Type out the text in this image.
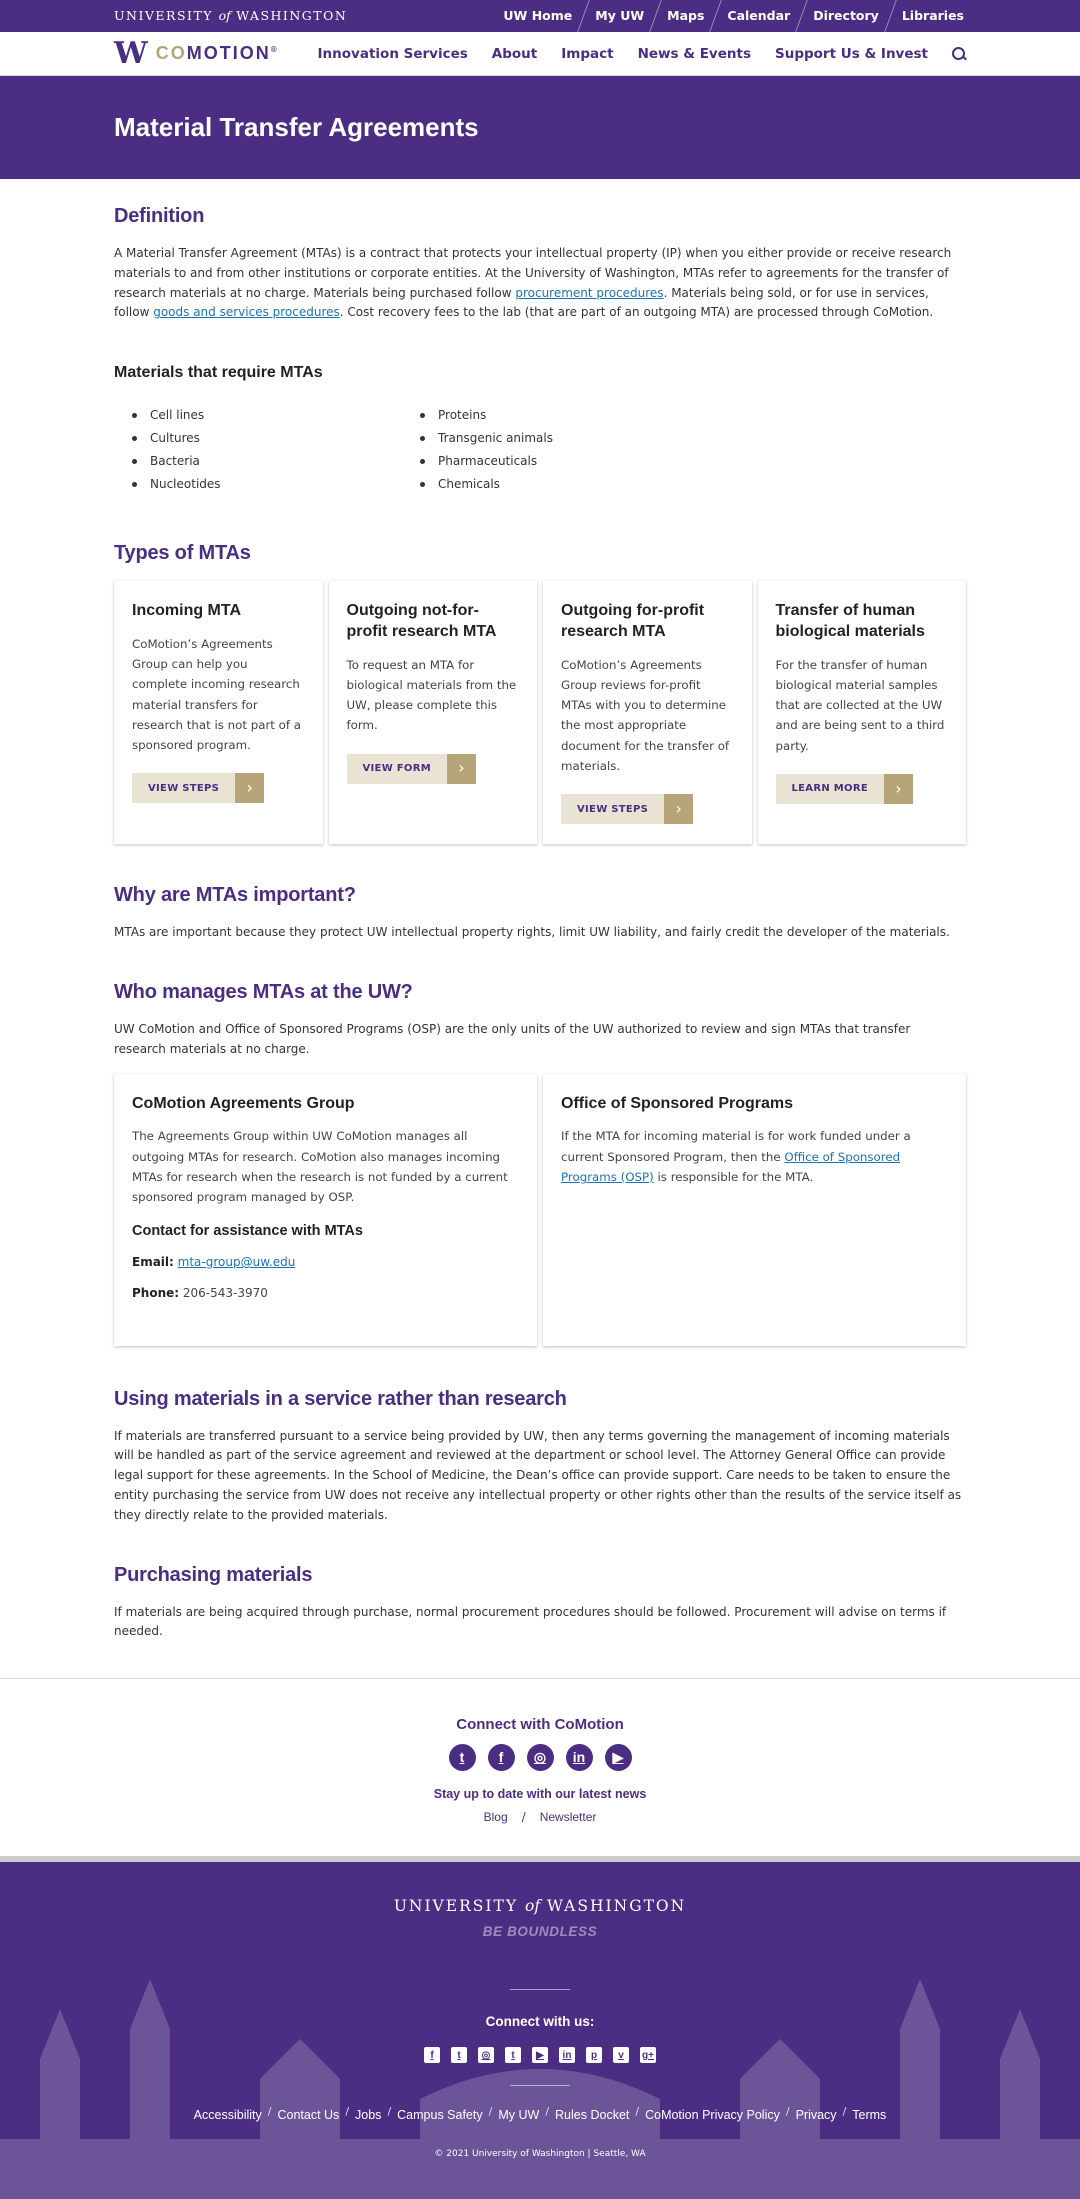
UNIVERSITY of WASHINGTON	UW Home	My UW	Maps	Calendar	Directory	Libraries
W COMOTION®	Innovation Services About Impact News & Events Support Us & Invest
Material Transfer Agreements
Definition

A Material Transfer Agreement (MTAs) is a contract that protects your intellectual property (IP) when you either provide or receive research materials to and from other institutions or corporate entities. At the University of Washington, MTAs refer to agreements for the transfer of research materials at no charge. Materials being purchased follow procurement procedures. Materials being sold, or for use in services, follow goods and services procedures. Cost recovery fees to the lab (that are part of an outgoing MTA) are processed through CoMotion.

Materials that require MTAs
Cell lines
Cultures
Bacteria
Nucleotides
Proteins
Transgenic animals
Pharmaceuticals
Chemicals
Types of MTAs
Incoming MTA

CoMotion’s Agreements Group can help you complete incoming research material transfers for research that is not part of a sponsored program.

VIEW STEPS	›
Outgoing not-for-profit research MTA

To request an MTA for biological materials from the UW, please complete this form.

VIEW FORM	›
Outgoing for-profit research MTA

CoMotion’s Agreements Group reviews for-profit MTAs with you to determine the most appropriate document for the transfer of materials.

VIEW STEPS	›
Transfer of human biological materials

For the transfer of human biological material samples that are collected at the UW and are being sent to a third party.

LEARN MORE	›
Why are MTAs important?

MTAs are important because they protect UW intellectual property rights, limit UW liability, and fairly credit the developer of the materials.

Who manages MTAs at the UW?

UW CoMotion and Office of Sponsored Programs (OSP) are the only units of the UW authorized to review and sign MTAs that transfer research materials at no charge.

CoMotion Agreements Group

The Agreements Group within UW CoMotion manages all outgoing MTAs for research. CoMotion also manages incoming MTAs for research when the research is not funded by a current sponsored program managed by OSP.

Contact for assistance with MTAs

Email: mta-group@uw.edu

Phone: 206-543-3970

Office of Sponsored Programs

If the MTA for incoming material is for work funded under a current Sponsored Program, then the Office of Sponsored Programs (OSP) is responsible for the MTA.

Using materials in a service rather than research

If materials are transferred pursuant to a service being provided by UW, then any terms governing the management of incoming materials will be handled as part of the service agreement and reviewed at the department or school level. The Attorney General Office can provide legal support for these agreements. In the School of Medicine, the Dean’s office can provide support. Care needs to be taken to ensure the entity purchasing the service from UW does not receive any intellectual property or other rights other than the results of the service itself as they directly relate to the provided materials.

Purchasing materials

If materials are being acquired through purchase, normal procurement procedures should be followed. Procurement will advise on terms if needed.

Connect with CoMotion
t	f	◎	in	▶
Stay up to date with our latest news
Blog / Newsletter
UNIVERSITY of WASHINGTON
BE BOUNDLESS
Connect with us:
f	t	◎	t	▶	in	p	v	g+
Accessibility / Contact Us / Jobs / Campus Safety / My UW / Rules Docket / CoMotion Privacy Policy / Privacy / Terms
© 2021 University of Washington | Seattle, WA
